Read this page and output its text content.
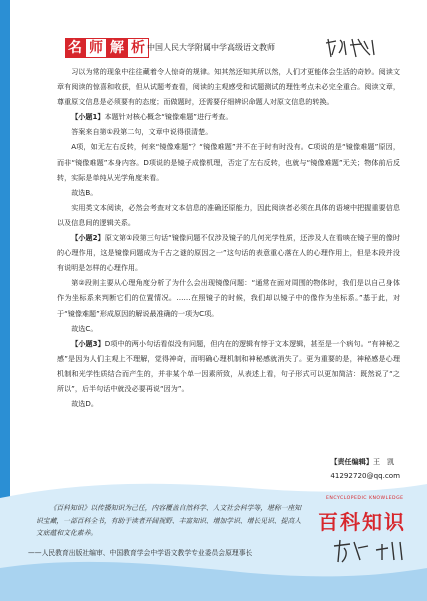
名 师 解 析 中国人民大学附属中学高级语文教师

习以为常的现象中往往藏着令人惊奇的规律。知其然还知其所以然，人们才更能体会生活的奇妙。阅读文章有阅读的惊喜和收获，但从试题考查看，阅读的主观感受和试题测试的理性考点未必完全重合。阅读文章，尊重原文信息是必须要有的态度；而做题时，还需要仔细辨识命题人对原文信息的转换。

【小题1】本题针对核心概念“镜像难题”进行考查。

答案来自第①段第二句，文章中说得很清楚。

A项，如无左右反转，何来“镜像难题”？“镜像难题”并不在于时有时没有。C项说的是“镜像难题”原因，而非“镜像难题”本身内容。D项说的是镜子成像机理，否定了左右反转，也就与“镜像难题”无关；物体前后反转，实际是单纯从光学角度来看。

故选B。

实用类文本阅读，必然会考查对文本信息的准确还原能力，因此阅读者必须在具体的语境中把握重要信息以及信息间的逻辑关系。

【小题2】原文第①段第三句话“镜像问题不仅涉及镜子的几何光学性质，还涉及人在看映在镜子里的像时的心理作用，这是镜像问题成为千古之谜的原因之一”这句话的表意重心落在人的心理作用上，但是本段并没有说明是怎样的心理作用。

第②段则主要从心理角度分析了为什么会出现镜像问题：“通常在面对周围的物体时，我们是以自己身体作为坐标系来判断它们的位置情况。……在照镜子的时候，我们却以镜子中的像作为坐标系。”基于此，对于“镜像难题”形成原因的解说最准确的一项为C项。

故选C。

【小题3】D项中的两小句话看似没有问题，但内在的逻辑有悖于文本逻辑，甚至是一个病句。“有神秘之感”是因为人们主观上不理解，觉得神奇，而明确心理机制和神秘感就消失了。更为重要的是，神秘感是心理机制和光学性质结合而产生的，并非某个单一因素所致，从表述上看，句子形式可以更加简洁：既然说了“之所以”，后半句话中就没必要再说“因为”。

故选D。

【责任编辑】王　凯
41292720@qq.com
《百科知识》以传播知识为己任，内容覆盖自然科学、人文社会科学等，堪称一座知识宝藏，一部百科全书，有助于读者开阔视野、丰富知识、增加学识、增长见识、提高人文底蕴和文化素养。
——人民教育出版社编审、中国教育学会中学语文教学专业委员会原理事长
ENCYCLOPEDIC KNOWLEDGE
百科知识
